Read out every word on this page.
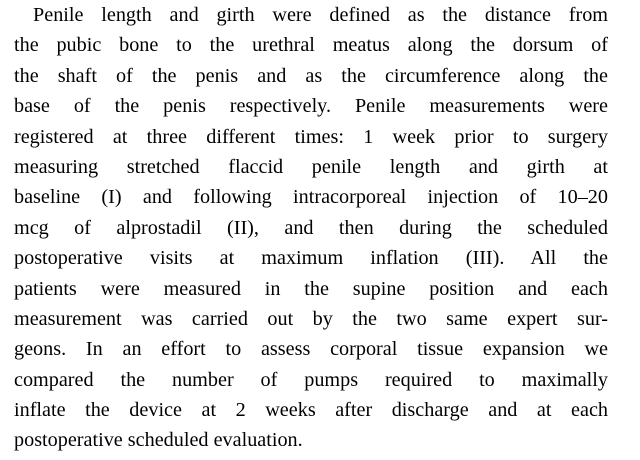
Penile length and girth were defined as the distance from
the pubic bone to the urethral meatus along the dorsum of
the shaft of the penis and as the circumference along the
base of the penis respectively. Penile measurements were
registered at three different times: 1 week prior to surgery
measuring stretched flaccid penile length and girth at
baseline (I) and following intracorporeal injection of 10–20
mcg of alprostadil (II), and then during the scheduled
postoperative visits at maximum inflation (III). All the
patients were measured in the supine position and each
measurement was carried out by the two same expert sur-
geons. In an effort to assess corporal tissue expansion we
compared the number of pumps required to maximally
inflate the device at 2 weeks after discharge and at each
postoperative scheduled evaluation.
